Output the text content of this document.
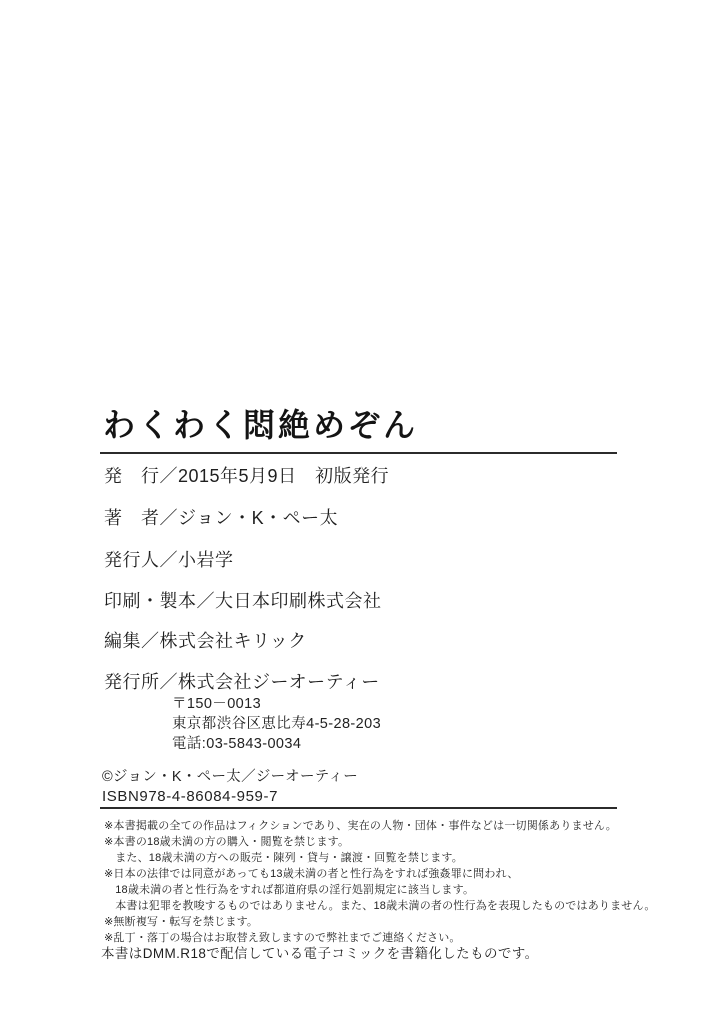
わくわく悶絶めぞん
発　行／2015年5月9日　初版発行
著　者／ジョン・K・ペー太
発行人／小岩学
印刷・製本／大日本印刷株式会社
編集／株式会社キリック
発行所／株式会社ジーオーティー
〒150－0013
東京都渋谷区恵比寿4-5-28-203
電話:03-5843-0034
©ジョン・K・ペー太／ジーオーティー
ISBN978-4-86084-959-7
※本書掲載の全ての作品はフィクションであり、実在の人物・団体・事件などは一切関係ありません。
※本書の18歳未満の方の購入・閲覧を禁じます。
　また、18歳未満の方への販売・陳列・貸与・譲渡・回覧を禁じます。
※日本の法律では同意があっても13歳未満の者と性行為をすれば強姦罪に問われ、
　18歳未満の者と性行為をすれば都道府県の淫行処罰規定に該当します。
　本書は犯罪を教唆するものではありません。また、18歳未満の者の性行為を表現したものではありません。
※無断複写・転写を禁じます。
※乱丁・落丁の場合はお取替え致しますので弊社までご連絡ください。
本書はDMM.R18で配信している電子コミックを書籍化したものです。
